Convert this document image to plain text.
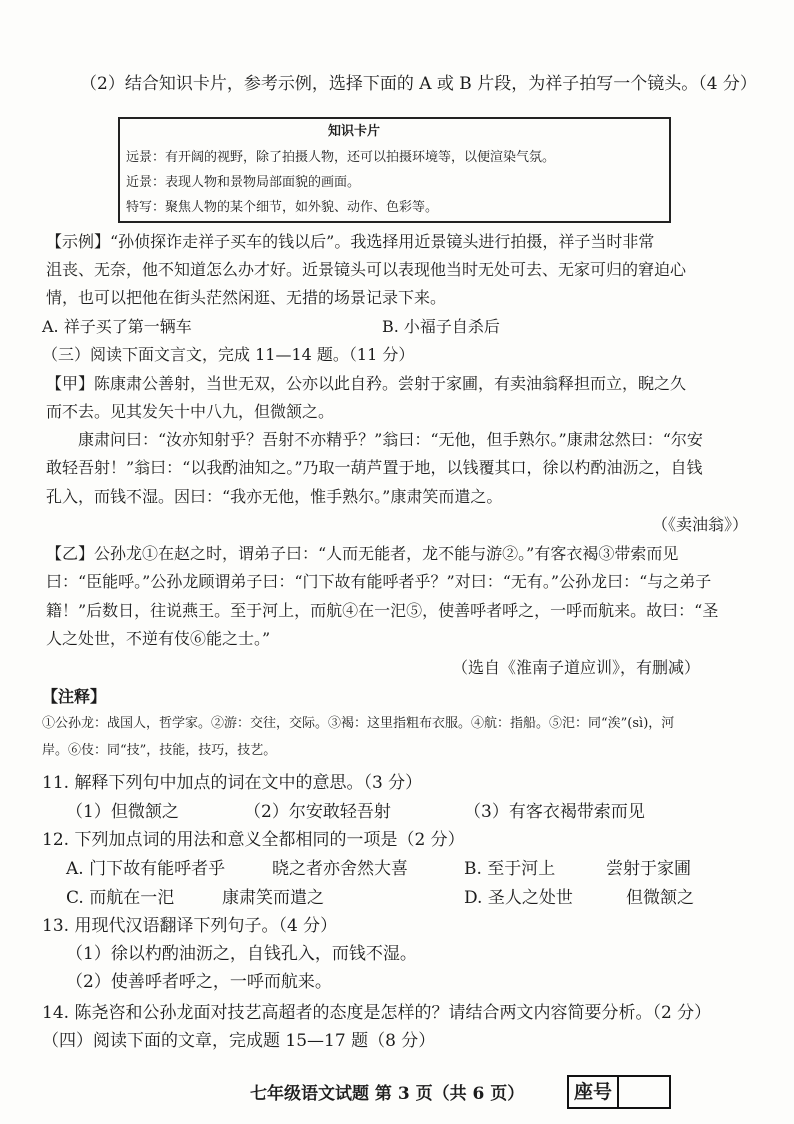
（2）结合知识卡片，参考示例，选择下面的 A 或 B 片段，为祥子拍写一个镜头。（4 分）
知识卡片
远景：有开阔的视野，除了拍摄人物，还可以拍摄环境等，以便渲染气氛。
近景：表现人物和景物局部面貌的画面。
特写：聚焦人物的某个细节，如外貌、动作、色彩等。
【示例】“孙侦探诈走祥子买车的钱以后”。我选择用近景镜头进行拍摄，祥子当时非常
沮丧、无奈，他不知道怎么办才好。近景镜头可以表现他当时无处可去、无家可归的窘迫心
情，也可以把他在街头茫然闲逛、无措的场景记录下来。
A. 祥子买了第一辆车	B. 小福子自杀后
（三）阅读下面文言文，完成 11—14 题。（11 分）
【甲】陈康肃公善射，当世无双，公亦以此自矜。尝射于家圃，有卖油翁释担而立，睨之久
而不去。见其发矢十中八九，但微颔之。
康肃问曰：“汝亦知射乎？吾射不亦精乎？”翁曰：“无他，但手熟尔。”康肃忿然曰：“尔安
敢轻吾射！”翁曰：“以我酌油知之。”乃取一葫芦置于地，以钱覆其口，徐以杓酌油沥之，自钱
孔入，而钱不湿。因曰：“我亦无他，惟手熟尔。”康肃笑而遣之。
（《卖油翁》）
【乙】公孙龙①在赵之时，谓弟子曰：“人而无能者，龙不能与游②。”有客衣褐③带索而见
曰：“臣能呼。”公孙龙顾谓弟子曰：“门下故有能呼者乎？”对曰：“无有。”公孙龙曰：“与之弟子
籍！”后数日，往说燕王。至于河上，而航④在一汜⑤，使善呼者呼之，一呼而航来。故曰：“圣
人之处世，不逆有伎⑥能之士。”
（选自《淮南子道应训》，有删减）
【注释】
①公孙龙：战国人，哲学家。②游：交往，交际。③褐：这里指粗布衣服。④航：指船。⑤汜：同“涘”(sì)，河
岸。⑥伎：同“技”，技能，技巧，技艺。
11. 解释下列句中加点的词在文中的意思。（3 分）
（1）但微颔之	（2）尔安敢轻吾射	（3）有客衣褐带索而见
12. 下列加点词的用法和意义全都相同的一项是（2 分）
A. 门下故有能呼者乎	晓之者亦舍然大喜	B. 至于河上	尝射于家圃
C. 而航在一汜	康肃笑而遣之	D. 圣人之处世	但微颔之
13. 用现代汉语翻译下列句子。（4 分）
（1）徐以杓酌油沥之，自钱孔入，而钱不湿。
（2）使善呼者呼之，一呼而航来。
14. 陈尧咨和公孙龙面对技艺高超者的态度是怎样的？请结合两文内容简要分析。（2 分）
（四）阅读下面的文章，完成题 15—17 题（8 分）
七年级语文试题 第 3 页（共 6 页）	座号
